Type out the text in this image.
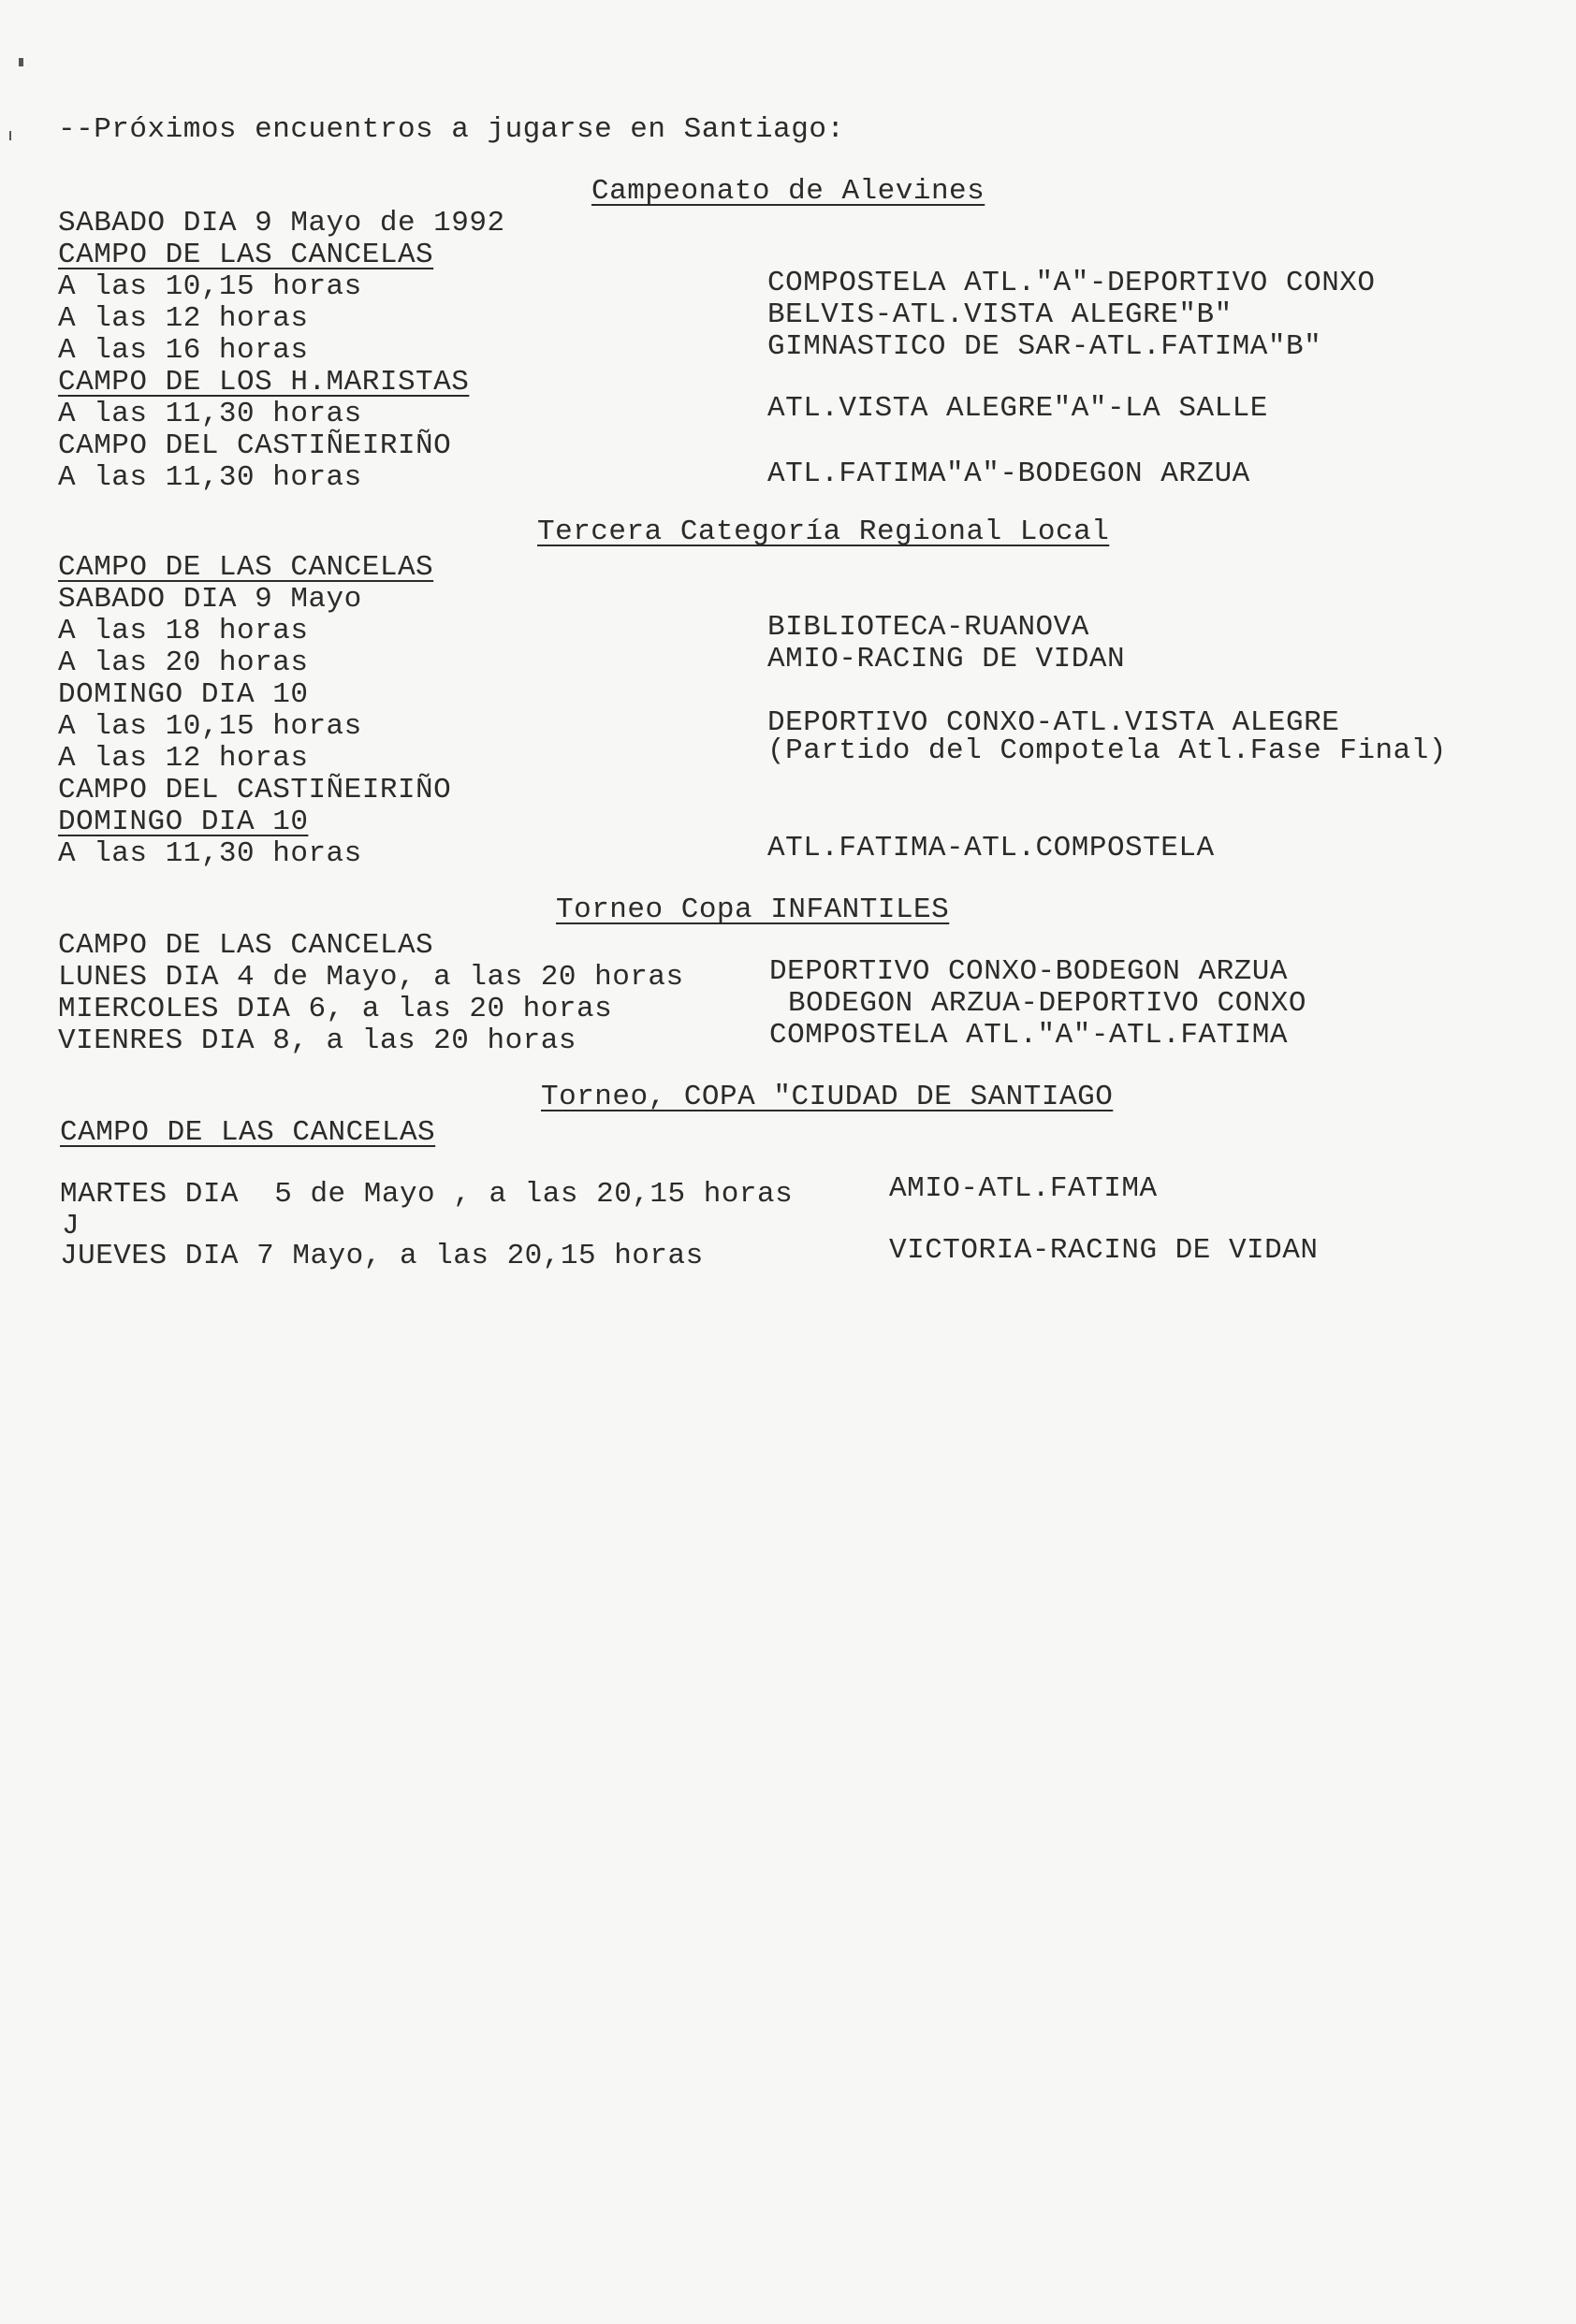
--Próximos encuentros a jugarse en Santiago:
Campeonato de Alevines
SABADO DIA 9 Mayo de 1992
CAMPO DE LAS CANCELAS
A las 10,15 horas
A las 12 horas
A las 16 horas
CAMPO DE LOS H.MARISTAS
A las 11,30 horas
CAMPO DEL CASTIÑEIRIÑO
A las 11,30 horas
COMPOSTELA ATL."A"-DEPORTIVO CONXO
BELVIS-ATL.VISTA ALEGRE"B"
GIMNASTICO DE SAR-ATL.FATIMA"B"
ATL.VISTA ALEGRE"A"-LA SALLE
ATL.FATIMA"A"-BODEGON ARZUA
Tercera Categoría Regional Local
CAMPO DE LAS CANCELAS
SABADO DIA 9 Mayo
A las 18 horas
A las 20 horas
DOMINGO DIA 10
A las 10,15 horas
A las 12 horas
CAMPO DEL CASTIÑEIRIÑO
DOMINGO DIA 10
A las 11,30 horas
BIBLIOTECA-RUANOVA
AMIO-RACING DE VIDAN
DEPORTIVO CONXO-ATL.VISTA ALEGRE
(Partido del Compotela Atl.Fase Final)
ATL.FATIMA-ATL.COMPOSTELA
Torneo Copa INFANTILES
CAMPO DE LAS CANCELAS
LUNES DIA 4 de Mayo, a las 20 horas
MIERCOLES DIA 6, a las 20 horas
VIENRES DIA 8, a las 20 horas
DEPORTIVO CONXO-BODEGON ARZUA
BODEGON ARZUA-DEPORTIVO CONXO
COMPOSTELA ATL."A"-ATL.FATIMA
Torneo, COPA "CIUDAD DE SANTIAGO
CAMPO DE LAS CANCELAS
MARTES DIA  5 de Mayo , a las 20,15 horas
J
JUEVES DIA 7 Mayo, a las 20,15 horas
AMIO-ATL.FATIMA
VICTORIA-RACING DE VIDAN
